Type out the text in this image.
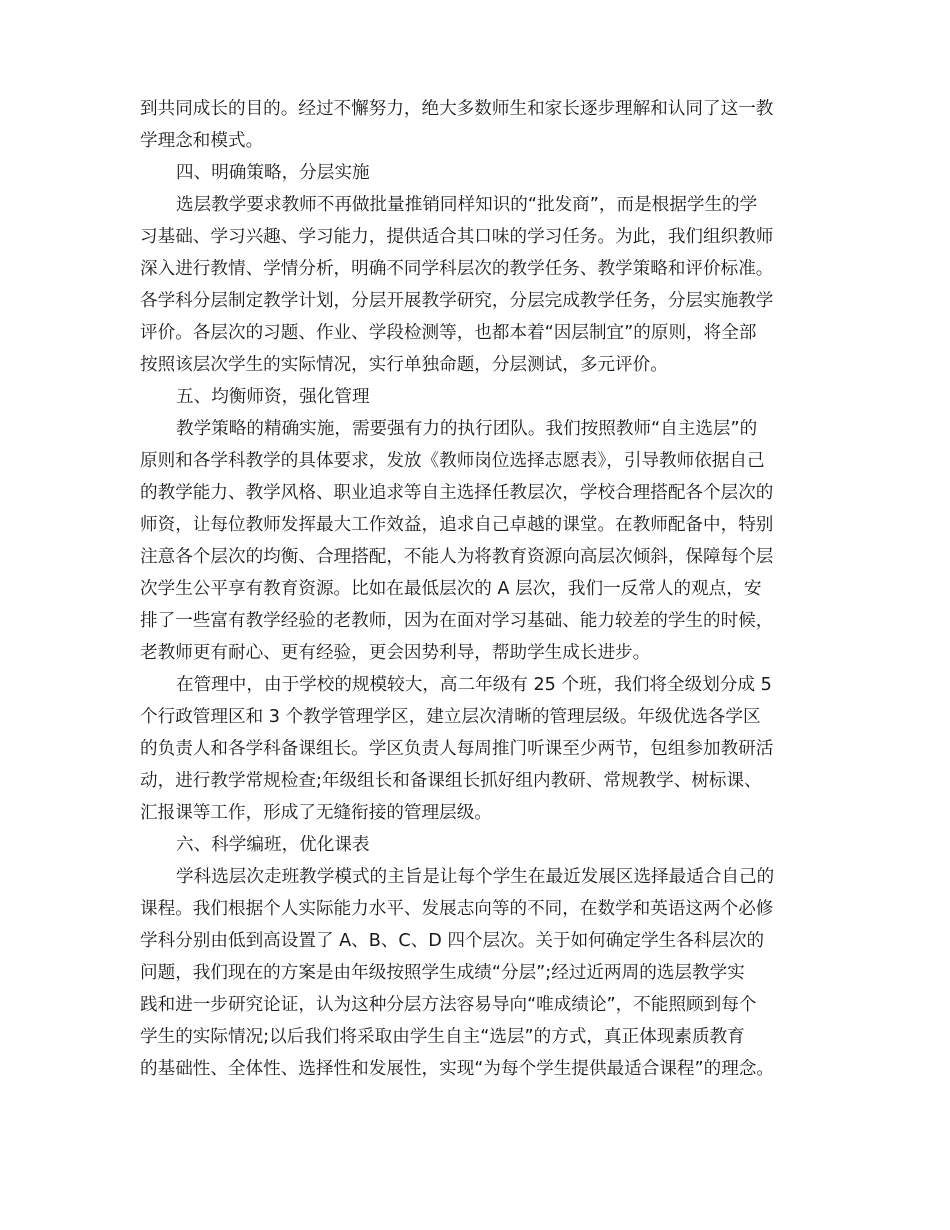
到共同成长的目的。经过不懈努力，绝大多数师生和家长逐步理解和认同了这一教
学理念和模式。
四、明确策略，分层实施
选层教学要求教师不再做批量推销同样知识的“批发商”，而是根据学生的学
习基础、学习兴趣、学习能力，提供适合其口味的学习任务。为此，我们组织教师
深入进行教情、学情分析，明确不同学科层次的教学任务、教学策略和评价标准。
各学科分层制定教学计划，分层开展教学研究，分层完成教学任务，分层实施教学
评价。各层次的习题、作业、学段检测等，也都本着“因层制宜”的原则，将全部
按照该层次学生的实际情况，实行单独命题，分层测试，多元评价。
五、均衡师资，强化管理
教学策略的精确实施，需要强有力的执行团队。我们按照教师“自主选层”的
原则和各学科教学的具体要求，发放《教师岗位选择志愿表》，引导教师依据自己
的教学能力、教学风格、职业追求等自主选择任教层次，学校合理搭配各个层次的
师资，让每位教师发挥最大工作效益，追求自己卓越的课堂。在教师配备中，特别
注意各个层次的均衡、合理搭配，不能人为将教育资源向高层次倾斜，保障每个层
次学生公平享有教育资源。比如在最低层次的 A 层次，我们一反常人的观点，安
排了一些富有教学经验的老教师，因为在面对学习基础、能力较差的学生的时候，
老教师更有耐心、更有经验，更会因势利导，帮助学生成长进步。
在管理中，由于学校的规模较大，高二年级有 25 个班，我们将全级划分成 5
个行政管理区和 3 个教学管理学区，建立层次清晰的管理层级。年级优选各学区
的负责人和各学科备课组长。学区负责人每周推门听课至少两节，包组参加教研活
动，进行教学常规检查;年级组长和备课组长抓好组内教研、常规教学、树标课、
汇报课等工作，形成了无缝衔接的管理层级。
六、科学编班，优化课表
学科选层次走班教学模式的主旨是让每个学生在最近发展区选择最适合自己的
课程。我们根据个人实际能力水平、发展志向等的不同，在数学和英语这两个必修
学科分别由低到高设置了 A、B、C、D 四个层次。关于如何确定学生各科层次的
问题，我们现在的方案是由年级按照学生成绩“分层”;经过近两周的选层教学实
践和进一步研究论证，认为这种分层方法容易导向“唯成绩论”，不能照顾到每个
学生的实际情况;以后我们将采取由学生自主“选层”的方式，真正体现素质教育
的基础性、全体性、选择性和发展性，实现“为每个学生提供最适合课程”的理念。
